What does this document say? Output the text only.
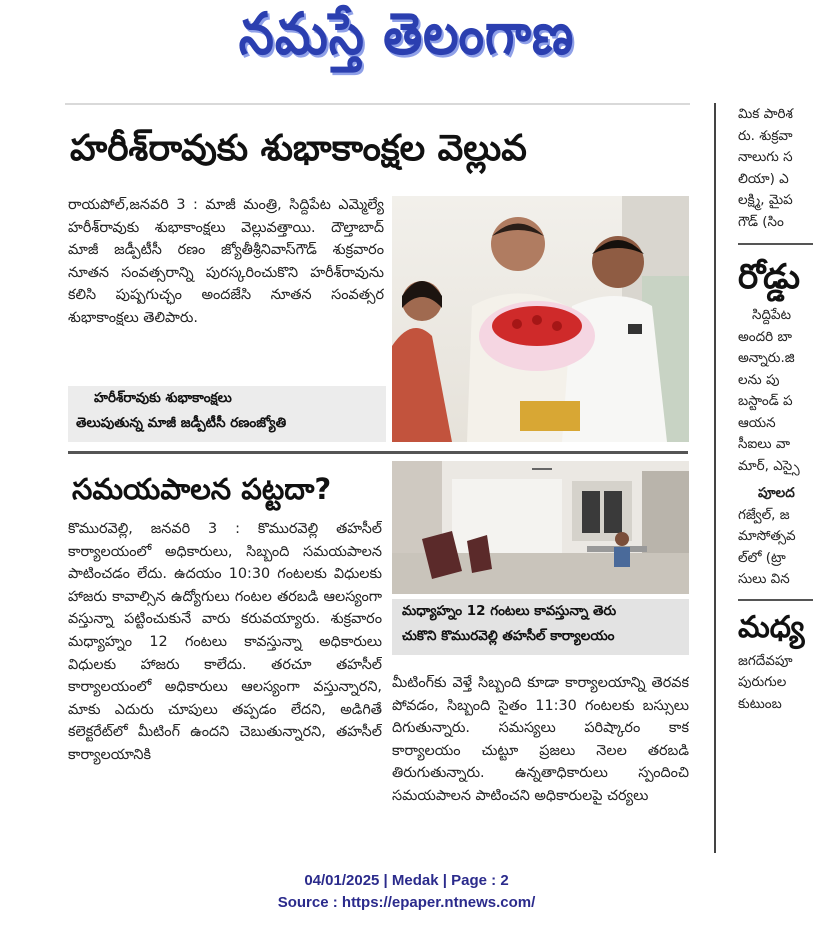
నమస్తే తెలంగాణ
హరీశ్‌రావుకు శుభాకాంక్షల వెల్లువ
రాయపోల్,జనవరి 3 : మాజీ మంత్రి, సిద్దిపేట ఎమ్మెల్యే హరీశ్‌రావుకు శుభాకాంక్షలు వెల్లువత్తాయి. దౌల్తాబాద్ మాజీ జడ్పీటీసీ రణం జ్యోతీశ్రీనివాస్‌గౌడ్ శుక్రవారం నూతన సంవత్సరాన్ని పురస్కరించుకొని హరీశ్‌రావును కలిసి పుష్పగుచ్ఛం అందజేసి నూతన సంవత్సర శుభాకాంక్షలు తెలిపారు.
హరీశ్‌రావుకు శుభాకాంక్షలు
తెలుపుతున్న మాజీ జడ్పీటీసీ రణంజ్యోతి
సమయపాలన పట్టదా?
కొమురవెల్లి, జనవరి 3 : కొమురవెల్లి తహసీల్ కార్యాలయంలో అధికారులు, సిబ్బంది సమయపాలన పాటించడం లేదు. ఉదయం 10:30 గంటలకు విధులకు హాజరు కావాల్సిన ఉద్యోగులు గంటల తరబడి ఆలస్యంగా వస్తున్నా పట్టించుకునే వారు కరువయ్యారు. శుక్రవారం మధ్యాహ్నం 12 గంటలు కావస్తున్నా అధికారులు విధులకు హాజరు కాలేదు. తరచూ తహసీల్ కార్యాలయంలో అధికారులు ఆలస్యంగా వస్తున్నారని, మాకు ఎదురు చూపులు తప్పడం లేదని, అడిగితే కలెక్టరేట్‌లో మీటింగ్ ఉందని చెబుతున్నారని, తహసీల్ కార్యాలయానికి
మధ్యాహ్నం 12 గంటలు కావస్తున్నా తెరు
చుకొని కొమురవెల్లి తహసీల్ కార్యాలయం
మీటింగ్‌కు వెళ్తే సిబ్బంది కూడా కార్యాలయాన్ని తెరవక పోవడం, సిబ్బంది సైతం 11:30 గంటలకు బస్సులు దిగుతున్నారు. సమస్యలు పరిష్కారం కాక కార్యాలయం చుట్టూ ప్రజలు నెలల తరబడి తిరుగుతున్నారు. ఉన్నతాధికారులు స్పందించి సమయపాలన పాటించని అధికారులపై చర్యలు
మిక పారిశ
రు. శుక్రవా
నాలుగు స
లియా) ఎ
లక్ష్మి, మైప
గౌడ్ (సిం
రోడ్డు
సిద్దిపేట
అందరి బా
అన్నారు.జి
లను పు
బస్టాండ్ ప
ఆయన
సీఐలు వా
మార్, ఎస్సై
పూలద
గజ్వేల్, జ
మాసోత్సవ
ల్‌లో (ట్రా
సులు విన
మధ్య
జగదేవపూ
పురుగుల
కుటుంబ
04/01/2025 | Medak | Page : 2
Source : https://epaper.ntnews.com/
